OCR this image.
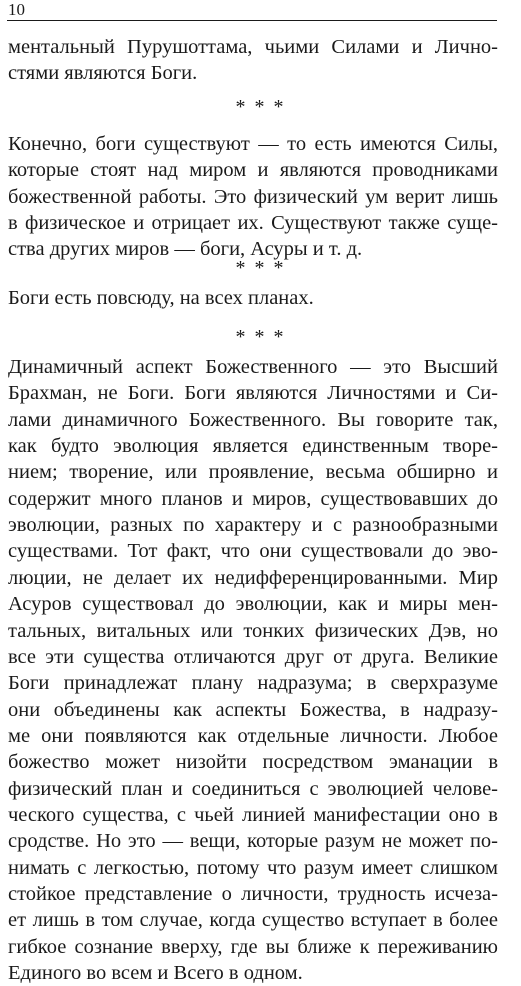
10
ментальный Пурушоттама, чьими Силами и Лично-
стями являются Боги.
* * *
Конечно, боги существуют — то есть имеются Силы,
которые стоят над миром и являются проводниками
божественной работы. Это физический ум верит лишь
в физическое и отрицает их. Существуют также суще-
ства других миров — боги, Асуры и т. д.
* * *
Боги есть повсюду, на всех планах.
* * *
Динамичный аспект Божественного — это Высший
Брахман, не Боги. Боги являются Личностями и Си-
лами динамичного Божественного. Вы говорите так,
как будто эволюция является единственным творе-
нием; творение, или проявление, весьма обширно и
содержит много планов и миров, существовавших до
эволюции, разных по характеру и с разнообразными
существами. Тот факт, что они существовали до эво-
люции, не делает их недифференцированными. Мир
Асуров существовал до эволюции, как и миры мен-
тальных, витальных или тонких физических Дэв, но
все эти существа отличаются друг от друга. Великие
Боги принадлежат плану надразума; в сверхразуме
они объединены как аспекты Божества, в надразу-
ме они появляются как отдельные личности. Любое
божество может низойти посредством эманации в
физический план и соединиться с эволюцией челове-
ческого существа, с чьей линией манифестации оно в
сродстве. Но это — вещи, которые разум не может по-
нимать с легкостью, потому что разум имеет слишком
стойкое представление о личности, трудность исчеза-
ет лишь в том случае, когда существо вступает в более
гибкое сознание вверху, где вы ближе к переживанию
Единого во всем и Всего в одном.
